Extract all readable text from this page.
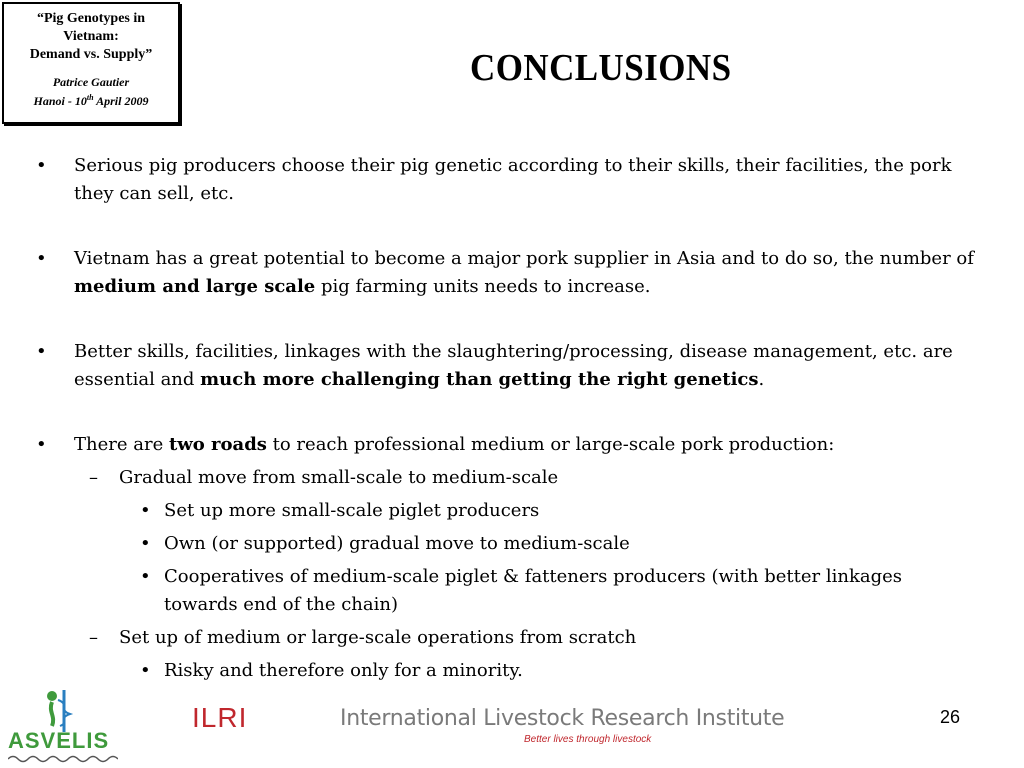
“Pig Genotypes in
Vietnam:
Demand vs. Supply”
Patrice Gautier
Hanoi - 10th April 2009
CONCLUSIONS

• Serious pig producers choose their pig genetic according to their skills, their facilities, the pork they can sell, etc.

• Vietnam has a great potential to become a major pork supplier in Asia and to do so, the number of medium and large scale pig farming units needs to increase.

• Better skills, facilities, linkages with the slaughtering/processing, disease management, etc. are essential and much more challenging than getting the right genetics.

• There are two roads to reach professional medium or large-scale pork production:
– Gradual move from small-scale to medium-scale
• Set up more small-scale piglet producers
• Own (or supported) gradual move to medium-scale
• Cooperatives of medium-scale piglet & fatteners producers (with better linkages towards end of the chain)
– Set up of medium or large-scale operations from scratch
• Risky and therefore only for a minority.
ASVELIS
ILRI	International Livestock Research Institute
Better lives through livestock
26
